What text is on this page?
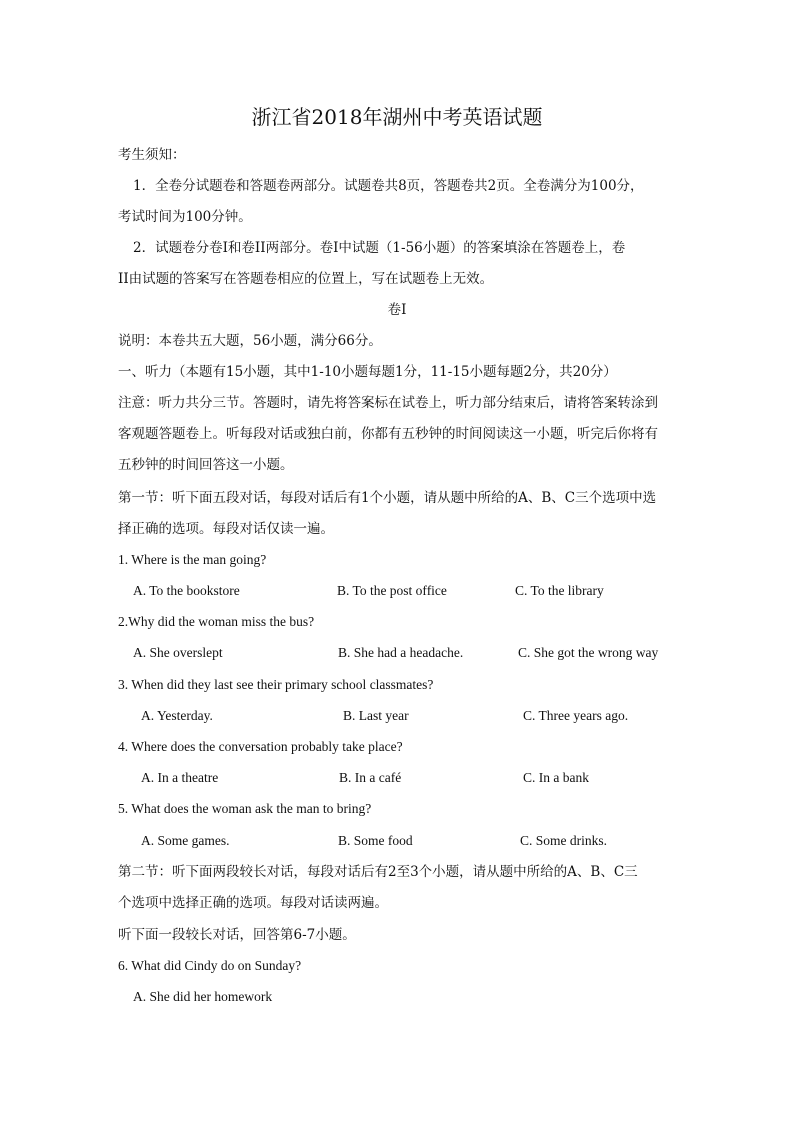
浙江省2018年湖州中考英语试题
考生须知：
1．全卷分试题卷和答题卷两部分。试题卷共8页，答题卷共2页。全卷满分为100分，
考试时间为100分钟。
2．试题卷分卷I和卷II两部分。卷I中试题（1-56小题）的答案填涂在答题卷上，卷
II由试题的答案写在答题卷相应的位置上，写在试题卷上无效。
卷I
说明：本卷共五大题，56小题，满分66分。
一、听力（本题有15小题，其中1-10小题每题1分，11-15小题每题2分，共20分）
注意：听力共分三节。答题时，请先将答案标在试卷上，听力部分结束后，请将答案转涂到
客观题答题卷上。听每段对话或独白前，你都有五秒钟的时间阅读这一小题，听完后你将有
五秒钟的时间回答这一小题。
第一节：听下面五段对话，每段对话后有1个小题，请从题中所给的A、B、C三个选项中选
择正确的选项。每段对话仅读一遍。
1. Where is the man going?
A. To the bookstore	B. To the post office	C. To the library
2.Why did the woman miss the bus?
A. She overslept	B. She had a headache.	C. She got the wrong way
3. When did they last see their primary school classmates?
A. Yesterday.	B. Last year	C. Three years ago.
4. Where does the conversation probably take place?
A. In a theatre	B. In a café	C. In a bank
5. What does the woman ask the man to bring?
A. Some games.	B. Some food	C. Some drinks.
第二节：听下面两段较长对话，每段对话后有2至3个小题，请从题中所给的A、B、C三
个选项中选择正确的选项。每段对话读两遍。
听下面一段较长对话，回答第6-7小题。
6. What did Cindy do on Sunday?
A. She did her homework
